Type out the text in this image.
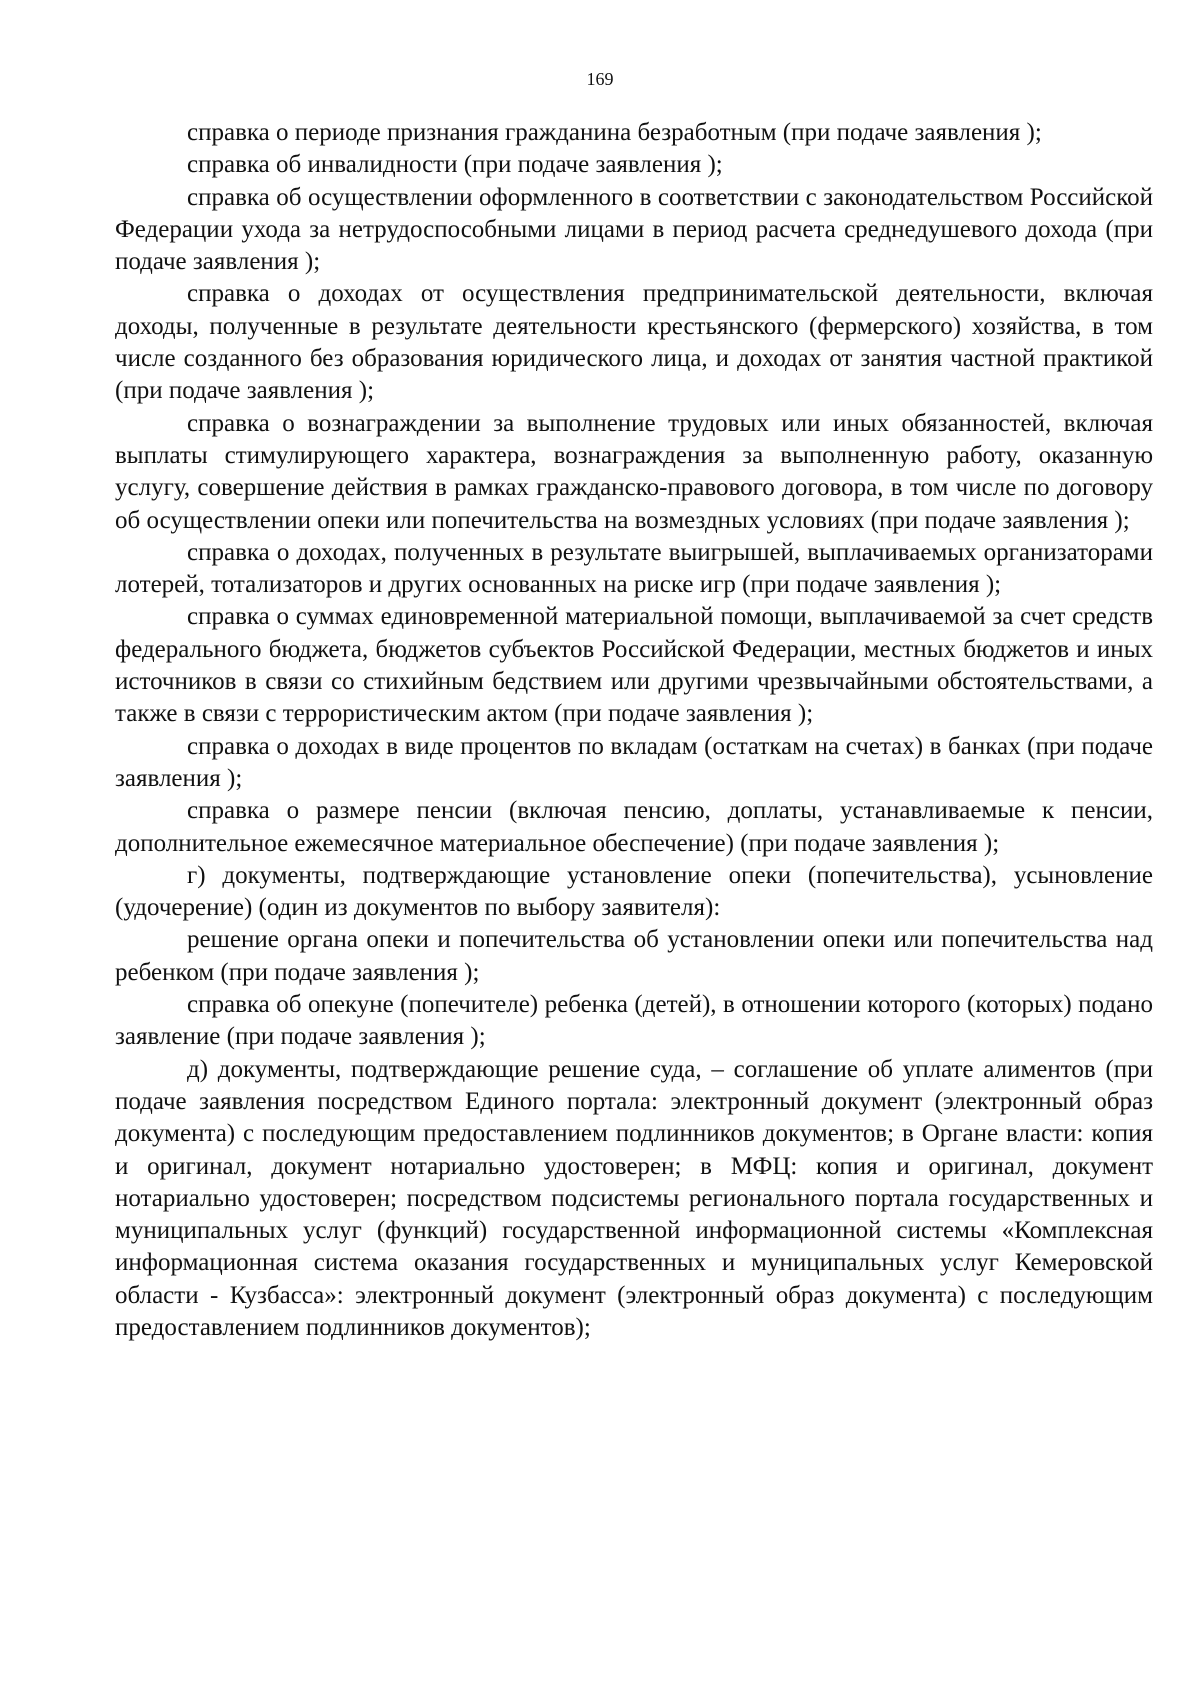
169

справка о периоде признания гражданина безработным (при подаче заявления );

справка об инвалидности (при подаче заявления );

справка об осуществлении оформленного в соответствии с законодательством Российской Федерации ухода за нетрудоспособными лицами в период расчета среднедушевого дохода (при подаче заявления );

справка о доходах от осуществления предпринимательской деятельности, включая доходы, полученные в результате деятельности крестьянского (фермерского) хозяйства, в том числе созданного без образования юридического лица, и доходах от занятия частной практикой (при подаче заявления );

справка о вознаграждении за выполнение трудовых или иных обязанностей, включая выплаты стимулирующего характера, вознаграждения за выполненную работу, оказанную услугу, совершение действия в рамках гражданско-правового договора, в том числе по договору об осуществлении опеки или попечительства на возмездных условиях (при подаче заявления );

справка о доходах, полученных в результате выигрышей, выплачиваемых организаторами лотерей, тотализаторов и других основанных на риске игр (при подаче заявления );

справка о суммах единовременной материальной помощи, выплачиваемой за счет средств федерального бюджета, бюджетов субъектов Российской Федерации, местных бюджетов и иных источников в связи со стихийным бедствием или другими чрезвычайными обстоятельствами, а также в связи с террористическим актом (при подаче заявления );

справка о доходах в виде процентов по вкладам (остаткам на счетах) в банках (при подаче заявления );

справка о размере пенсии (включая пенсию, доплаты, устанавливаемые к пенсии, дополнительное ежемесячное материальное обеспечение) (при подаче заявления );

г) документы, подтверждающие установление опеки (попечительства), усыновление (удочерение) (один из документов по выбору заявителя):

решение органа опеки и попечительства об установлении опеки или попечительства над ребенком (при подаче заявления );

справка об опекуне (попечителе) ребенка (детей), в отношении которого (которых) подано заявление (при подаче заявления );

д) документы, подтверждающие решение суда, – соглашение об уплате алиментов (при подаче заявления посредством Единого портала: электронный документ (электронный образ документа) с последующим предоставлением подлинников документов; в Органе власти: копия и оригинал, документ нотариально удостоверен; в МФЦ: копия и оригинал, документ нотариально удостоверен; посредством подсистемы регионального портала государственных и муниципальных услуг (функций) государственной информационной системы «Комплексная информационная система оказания государственных и муниципальных услуг Кемеровской области - Кузбасса»: электронный документ (электронный образ документа) с последующим предоставлением подлинников документов);
